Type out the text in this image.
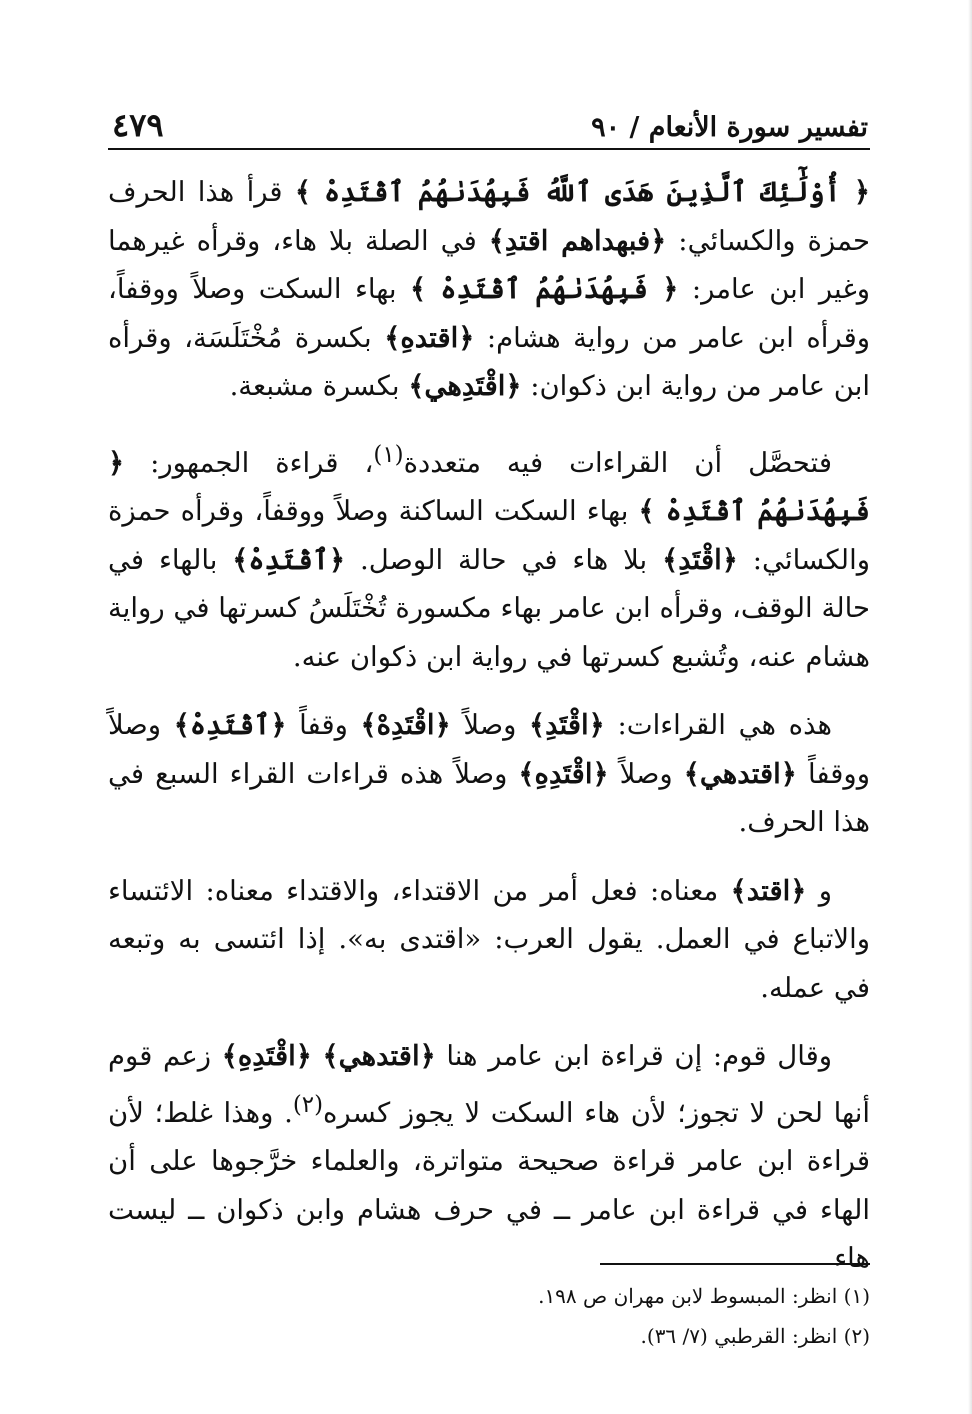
تفسير سورة الأنعام / ٩٠
٤٧٩

﴿ أُوْلَٰٓئِكَ ٱلَّذِينَ هَدَى ٱللَّهُ فَبِهُدَىٰهُمُ ٱقْتَدِهْ ﴾ قرأ هذا الحرف حمزة والكسائي: ﴿فبهداهم اقتدِ﴾ في الصلة بلا هاء، وقرأه غيرهما وغير ابن عامر: ﴿ فَبِهُدَىٰهُمُ ٱقْتَدِهْ ﴾ بهاء السكت وصلاً ووقفاً، وقرأه ابن عامر من رواية هشام: ﴿اقتدهِ﴾ بكسرة مُخْتَلَسَة، وقرأه ابن عامر من رواية ابن ذكوان: ﴿اقْتَدِهي﴾ بكسرة مشبعة.

فتحصَّل أن القراءات فيه متعددة$^{(١)}$، قراءة الجمهور: ﴿ فَبِهُدَىٰهُمُ ٱقْتَدِهْ ﴾ بهاء السكت الساكنة وصلاً ووقفاً، وقرأه حمزة والكسائي: ﴿اقْتَدِ﴾ بلا هاء في حالة الوصل. ﴿ٱقْتَدِهْ﴾ بالهاء في حالة الوقف، وقرأه ابن عامر بهاء مكسورة تُخْتَلَسُ كسرتها في رواية هشام عنه، وتُشبع كسرتها في رواية ابن ذكوان عنه.

هذه هي القراءات: ﴿اقْتَدِ﴾ وصلاً ﴿اقْتَدِهْ﴾ وقفاً ﴿ٱقْتَدِهْ﴾ وصلاً ووقفاً ﴿اقتدهي﴾ وصلاً ﴿اقْتَدِهِ﴾ وصلاً هذه قراءات القراء السبع في هذا الحرف.

و ﴿اقتد﴾ معناه: فعل أمر من الاقتداء، والاقتداء معناه: الائتساء والاتباع في العمل. يقول العرب: «اقتدى به». إذا ائتسى به وتبعه في عمله.

وقال قوم: إن قراءة ابن عامر هنا ﴿اقتدهي﴾ ﴿اقْتَدِهِ﴾ زعم قوم أنها لحن لا تجوز؛ لأن هاء السكت لا يجوز كسره$^{(٢)}$. وهذا غلط؛ لأن قراءة ابن عامر قراءة صحيحة متواترة، والعلماء خرَّجوها على أن الهاء في قراءة ابن عامر ــ في حرف هشام وابن ذكوان ــ ليست هاء

(١) انظر: المبسوط لابن مهران ص ١٩٨.
(٢) انظر: القرطبي (٧/ ٣٦).
